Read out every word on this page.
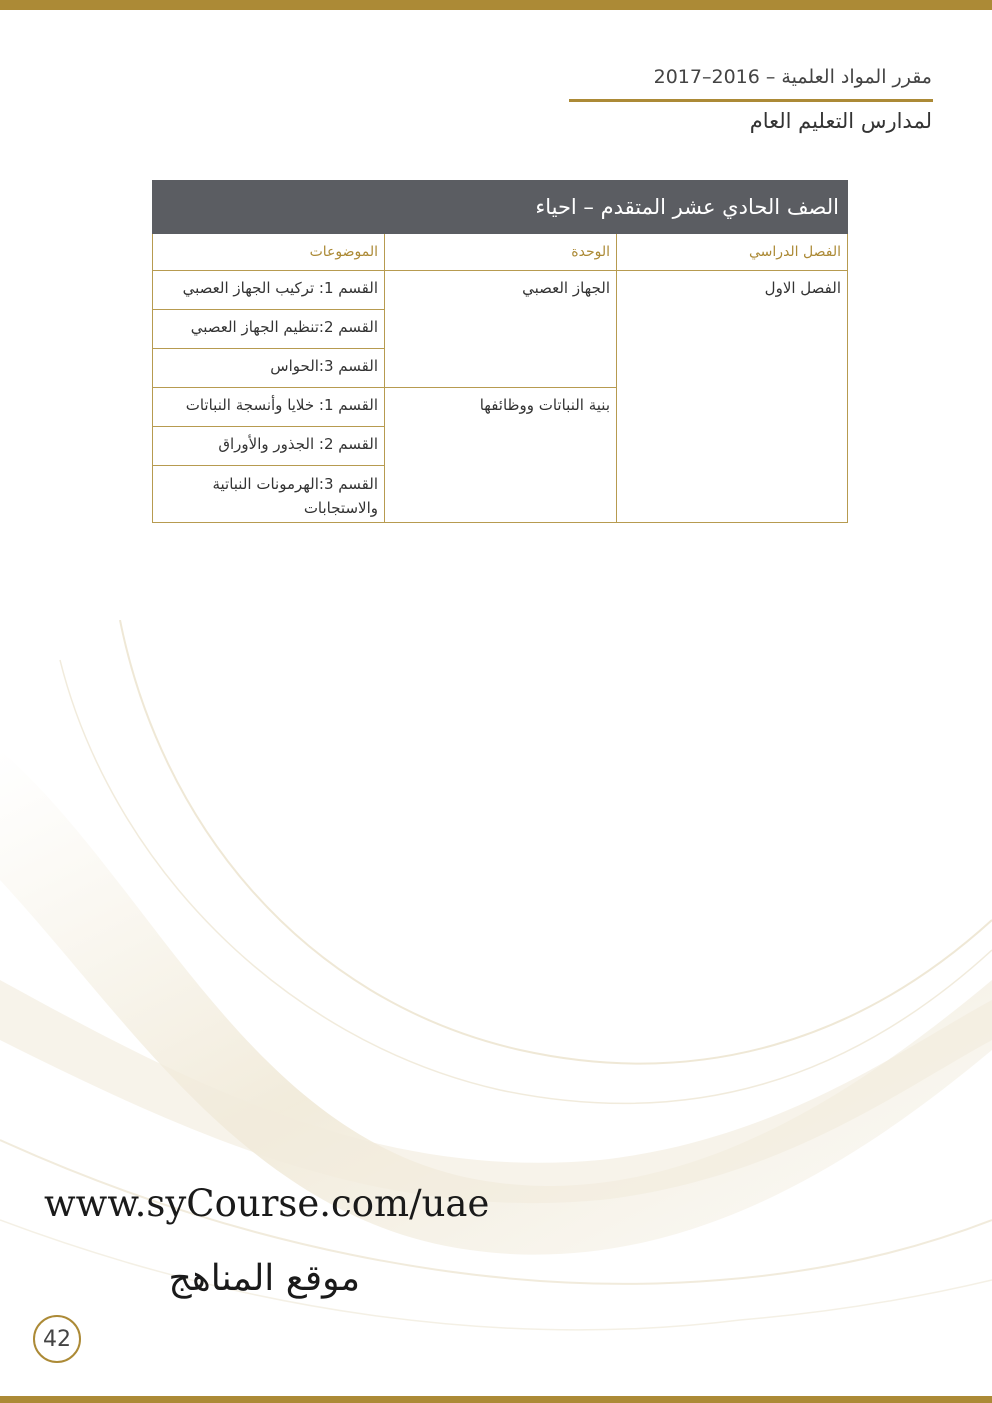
مقرر المواد العلمية – 2016–2017
لمدارس التعليم العام
الصف الحادي عشر المتقدم – احياء		
الفصل الدراسي	الوحدة	الموضوعات
الفصل الاول	الجهاز العصبي	القسم 1: تركيب الجهاز العصبي
		القسم 2:تنظيم الجهاز العصبي
		القسم 3:الحواس
	بنية النباتات ووظائفها	القسم 1: خلايا وأنسجة النباتات
		القسم 2: الجذور والأوراق
		القسم 3:الهرمونات النباتية والاستجابات
www.syCourse.com/uae
موقع المناهج
42
